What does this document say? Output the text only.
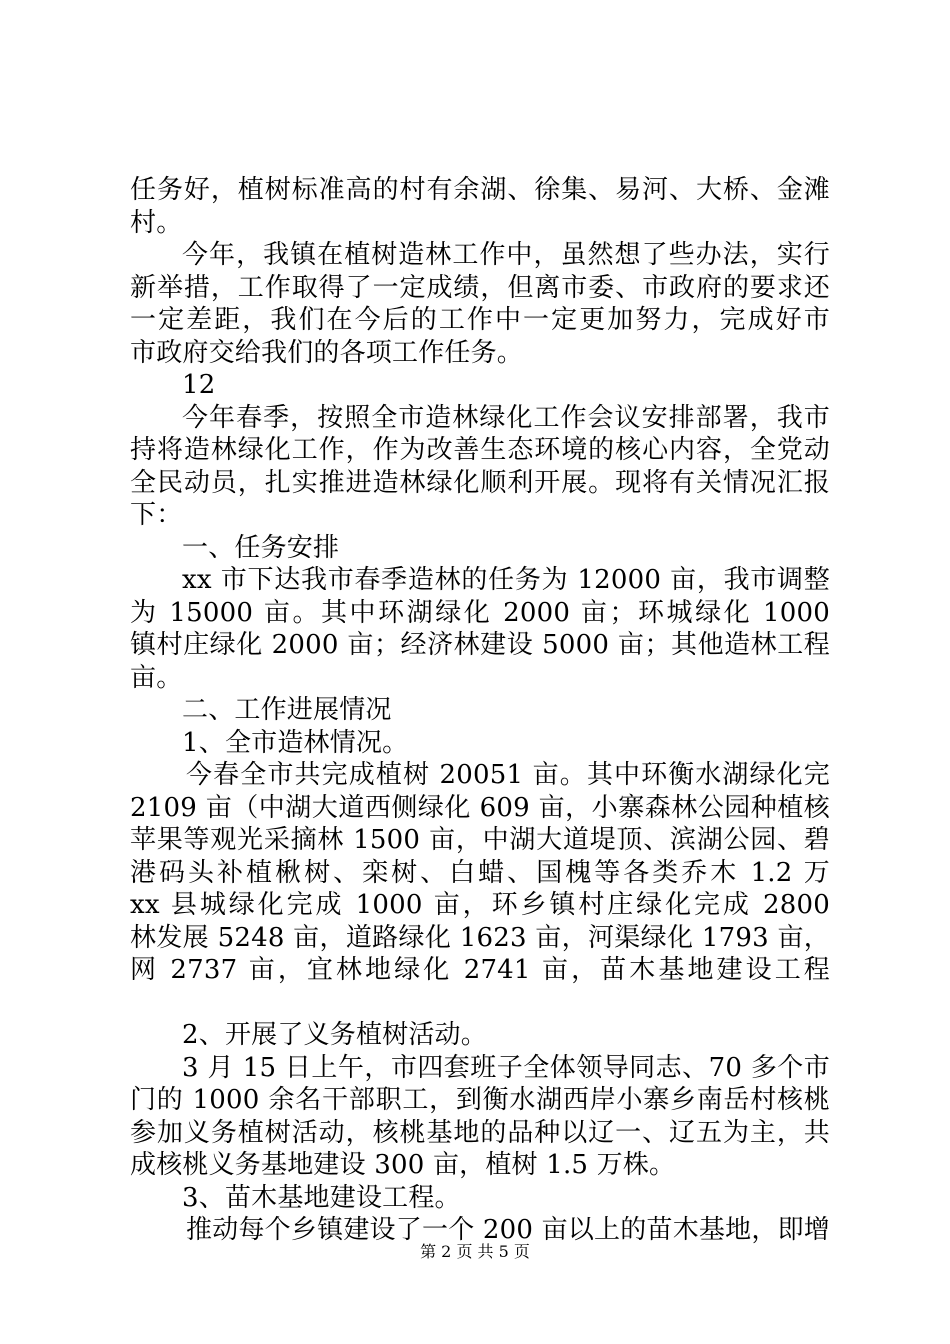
任务好，植树标准高的村有余湖、徐集、易河、大桥、金滩
村。
今年，我镇在植树造林工作中，虽然想了些办法，实行
新举措，工作取得了一定成绩，但离市委、市政府的要求还
一定差距，我们在今后的工作中一定更加努力，完成好市
市政府交给我们的各项工作任务。
12
今年春季，按照全市造林绿化工作会议安排部署，我市
持将造林绿化工作，作为改善生态环境的核心内容，全党动
全民动员，扎实推进造林绿化顺利开展。现将有关情况汇报
下：
一、任务安排
xx 市下达我市春季造林的任务为 12000 亩，我市调整
为 15000 亩。其中环湖绿化 2000 亩；环城绿化 1000
镇村庄绿化 2000 亩；经济林建设 5000 亩；其他造林工程
亩。
二、工作进展情况
1、全市造林情况。
今春全市共完成植树 20051 亩。其中环衡水湖绿化完
2109 亩（中湖大道西侧绿化 609 亩，小寨森林公园种植核
苹果等观光采摘林 1500 亩，中湖大道堤顶、滨湖公园、碧
港码头补植楸树、栾树、白蜡、国槐等各类乔木 1.2 万
xx 县城绿化完成 1000 亩，环乡镇村庄绿化完成 2800
林发展 5248 亩，道路绿化 1623 亩，河渠绿化 1793 亩，
网 2737 亩，宜林地绿化 2741 亩，苗木基地建设工程
2、开展了义务植树活动。
3 月 15 日上午，市四套班子全体领导同志、70 多个市
门的 1000 余名干部职工，到衡水湖西岸小寨乡南岳村核桃
参加义务植树活动，核桃基地的品种以辽一、辽五为主，共
成核桃义务基地建设 300 亩，植树 1.5 万株。
3、苗木基地建设工程。
推动每个乡镇建设了一个 200 亩以上的苗木基地，即增
第 2 页 共 5 页
